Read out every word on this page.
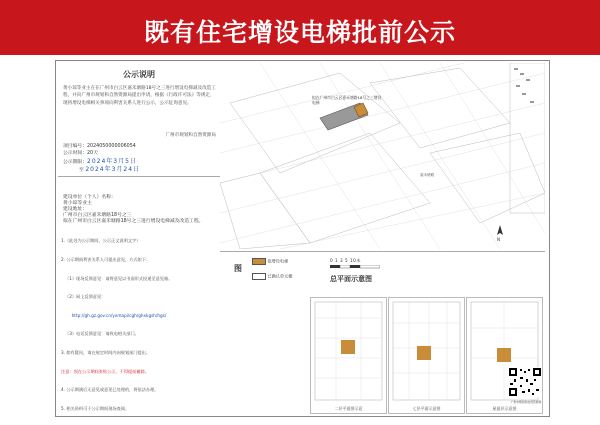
既有住宅增设电梯批前公示
公示说明
黄小琼等业主在在广州市白云区嘉禾塘路18号之三进行增设电梯减及改造工程，并向广州市规划和自然资源局提出申请，根据《行政许可法》等规定，现将增设电梯相关事项向利害关系人进行公示，公示征询意见。
广州市规划和自然资源局
项目编号：2024050000006054
公示时间：20天
公示期限：2024年3月5日
至 2024年3月24日
建设单位（个人）名称：
黄小琼等业主
建设地址：
广州市白云区嘉禾塘路18号之三
拟在广州市白云区嘉禾塘路18号之三进行增设电梯减及改造工程。

1.（此处为公示期间，公示正文说明文字）

2. 公示期间利害关系人可提出意见，方式如下：

（1）现场反馈意见：请将意见以书面形式投递至意见箱。

（2）网上反馈意见：

http://gh.gz.gov.cn/yxmapi/cgh/ghxkgsh/hgs/

（3）电话反馈意见：请致电相关部门。

3. 如有疑问，请在规定时间内向规划部门提出。

注意：须在公示期间张贴公示，不得提前撤除。

4. 公示期满后无意见或意见已处理的，将依法办理。

5. 相关资料可于公示期间现场查阅。

拟在广州市白云区嘉禾塘路18号之三增设电梯
嘉禾塘路
N
图
拟增设电梯
已确认单元楼
0 1 3 5 10米
总平面示意图
二层平面图示意	七层平面示意图	屋面层示意图
广州市规划和自然资源局
